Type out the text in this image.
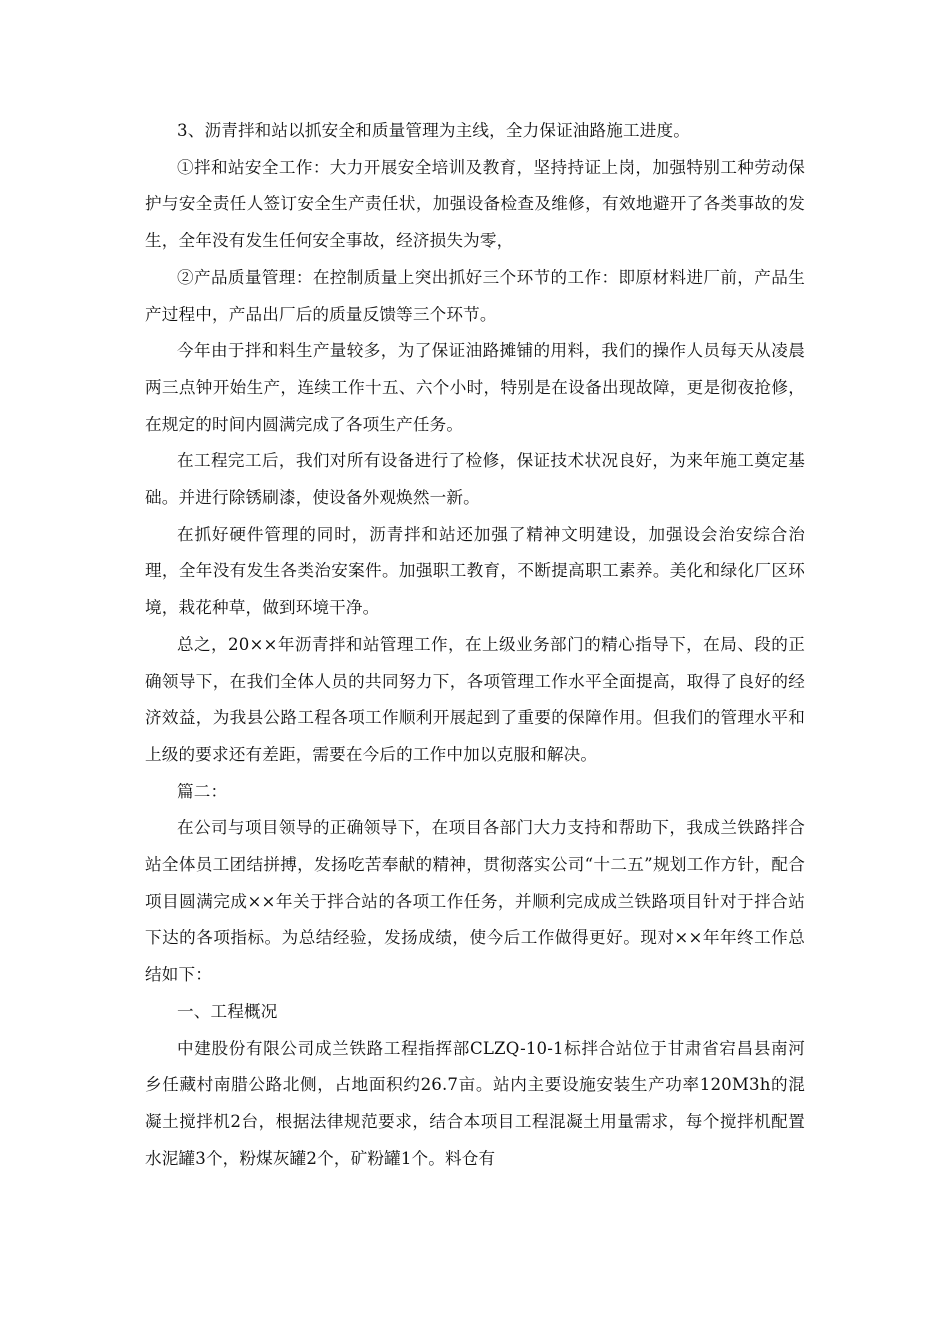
3、沥青拌和站以抓安全和质量管理为主线，全力保证油路施工进度。

①拌和站安全工作：大力开展安全培训及教育，坚持持证上岗，加强特别工种劳动保护与安全责任人签订安全生产责任状，加强设备检查及维修，有效地避开了各类事故的发生，全年没有发生任何安全事故，经济损失为零，

②产品质量管理：在控制质量上突出抓好三个环节的工作：即原材料进厂前，产品生产过程中，产品出厂后的质量反馈等三个环节。

今年由于拌和料生产量较多，为了保证油路摊铺的用料，我们的操作人员每天从凌晨两三点钟开始生产，连续工作十五、六个小时，特别是在设备出现故障，更是彻夜抢修，在规定的时间内圆满完成了各项生产任务。

在工程完工后，我们对所有设备进行了检修，保证技术状况良好，为来年施工奠定基础。并进行除锈刷漆，使设备外观焕然一新。

在抓好硬件管理的同时，沥青拌和站还加强了精神文明建设，加强设会治安综合治理，全年没有发生各类治安案件。加强职工教育，不断提高职工素养。美化和绿化厂区环境，栽花种草，做到环境干净。

总之，20××年沥青拌和站管理工作，在上级业务部门的精心指导下，在局、段的正确领导下，在我们全体人员的共同努力下，各项管理工作水平全面提高，取得了良好的经济效益，为我县公路工程各项工作顺利开展起到了重要的保障作用。但我们的管理水平和上级的要求还有差距，需要在今后的工作中加以克服和解决。

篇二：

在公司与项目领导的正确领导下，在项目各部门大力支持和帮助下，我成兰铁路拌合站全体员工团结拼搏，发扬吃苦奉献的精神，贯彻落实公司“十二五”规划工作方针，配合项目圆满完成××年关于拌合站的各项工作任务，并顺利完成成兰铁路项目针对于拌合站下达的各项指标。为总结经验，发扬成绩，使今后工作做得更好。现对××年年终工作总结如下：

一、工程概况

中建股份有限公司成兰铁路工程指挥部CLZQ-10-1标拌合站位于甘肃省宕昌县南河乡任藏村南腊公路北侧，占地面积约26.7亩。站内主要设施安装生产功率120M3h的混凝土搅拌机2台，根据法律规范要求，结合本项目工程混凝土用量需求，每个搅拌机配置水泥罐3个，粉煤灰罐2个，矿粉罐1个。料仓有
